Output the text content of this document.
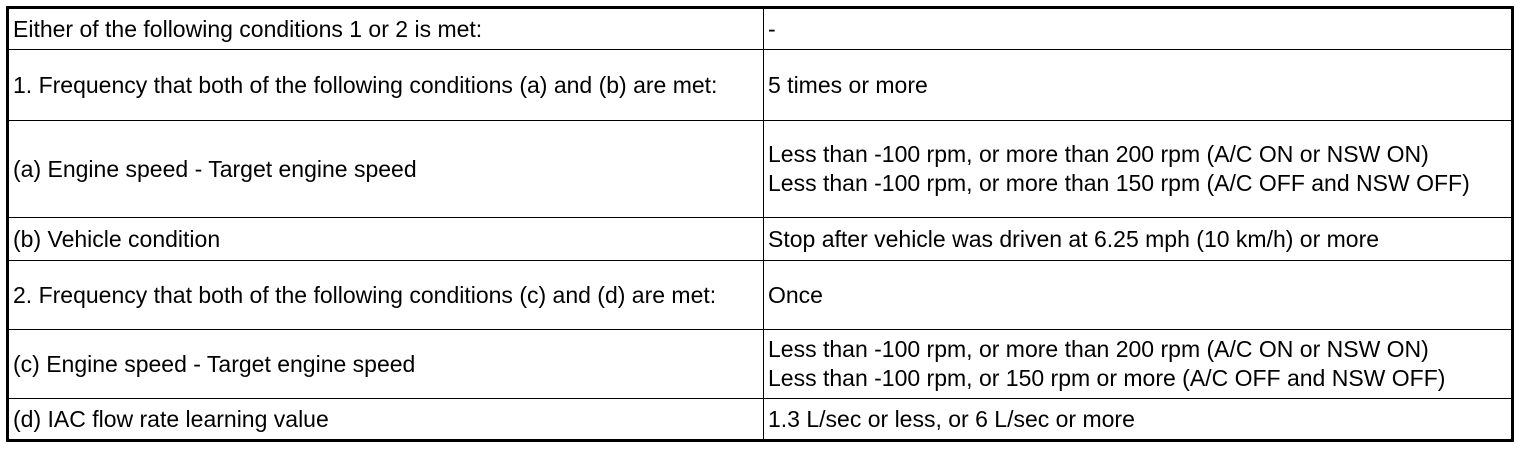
Either of the following conditions 1 or 2 is met:	-

1. Frequency that both of the following conditions (a) and (b) are met:	5 times or more

(a) Engine speed - Target engine speed	Less than -100 rpm, or more than 200 rpm (A/C ON or NSW ON)
Less than -100 rpm, or more than 150 rpm (A/C OFF and NSW OFF)

(b) Vehicle condition	Stop after vehicle was driven at 6.25 mph (10 km/h) or more

2. Frequency that both of the following conditions (c) and (d) are met:	Once

(c) Engine speed - Target engine speed	Less than -100 rpm, or more than 200 rpm (A/C ON or NSW ON)
Less than -100 rpm, or 150 rpm or more (A/C OFF and NSW OFF)

(d) IAC flow rate learning value	1.3 L/sec or less, or 6 L/sec or more
